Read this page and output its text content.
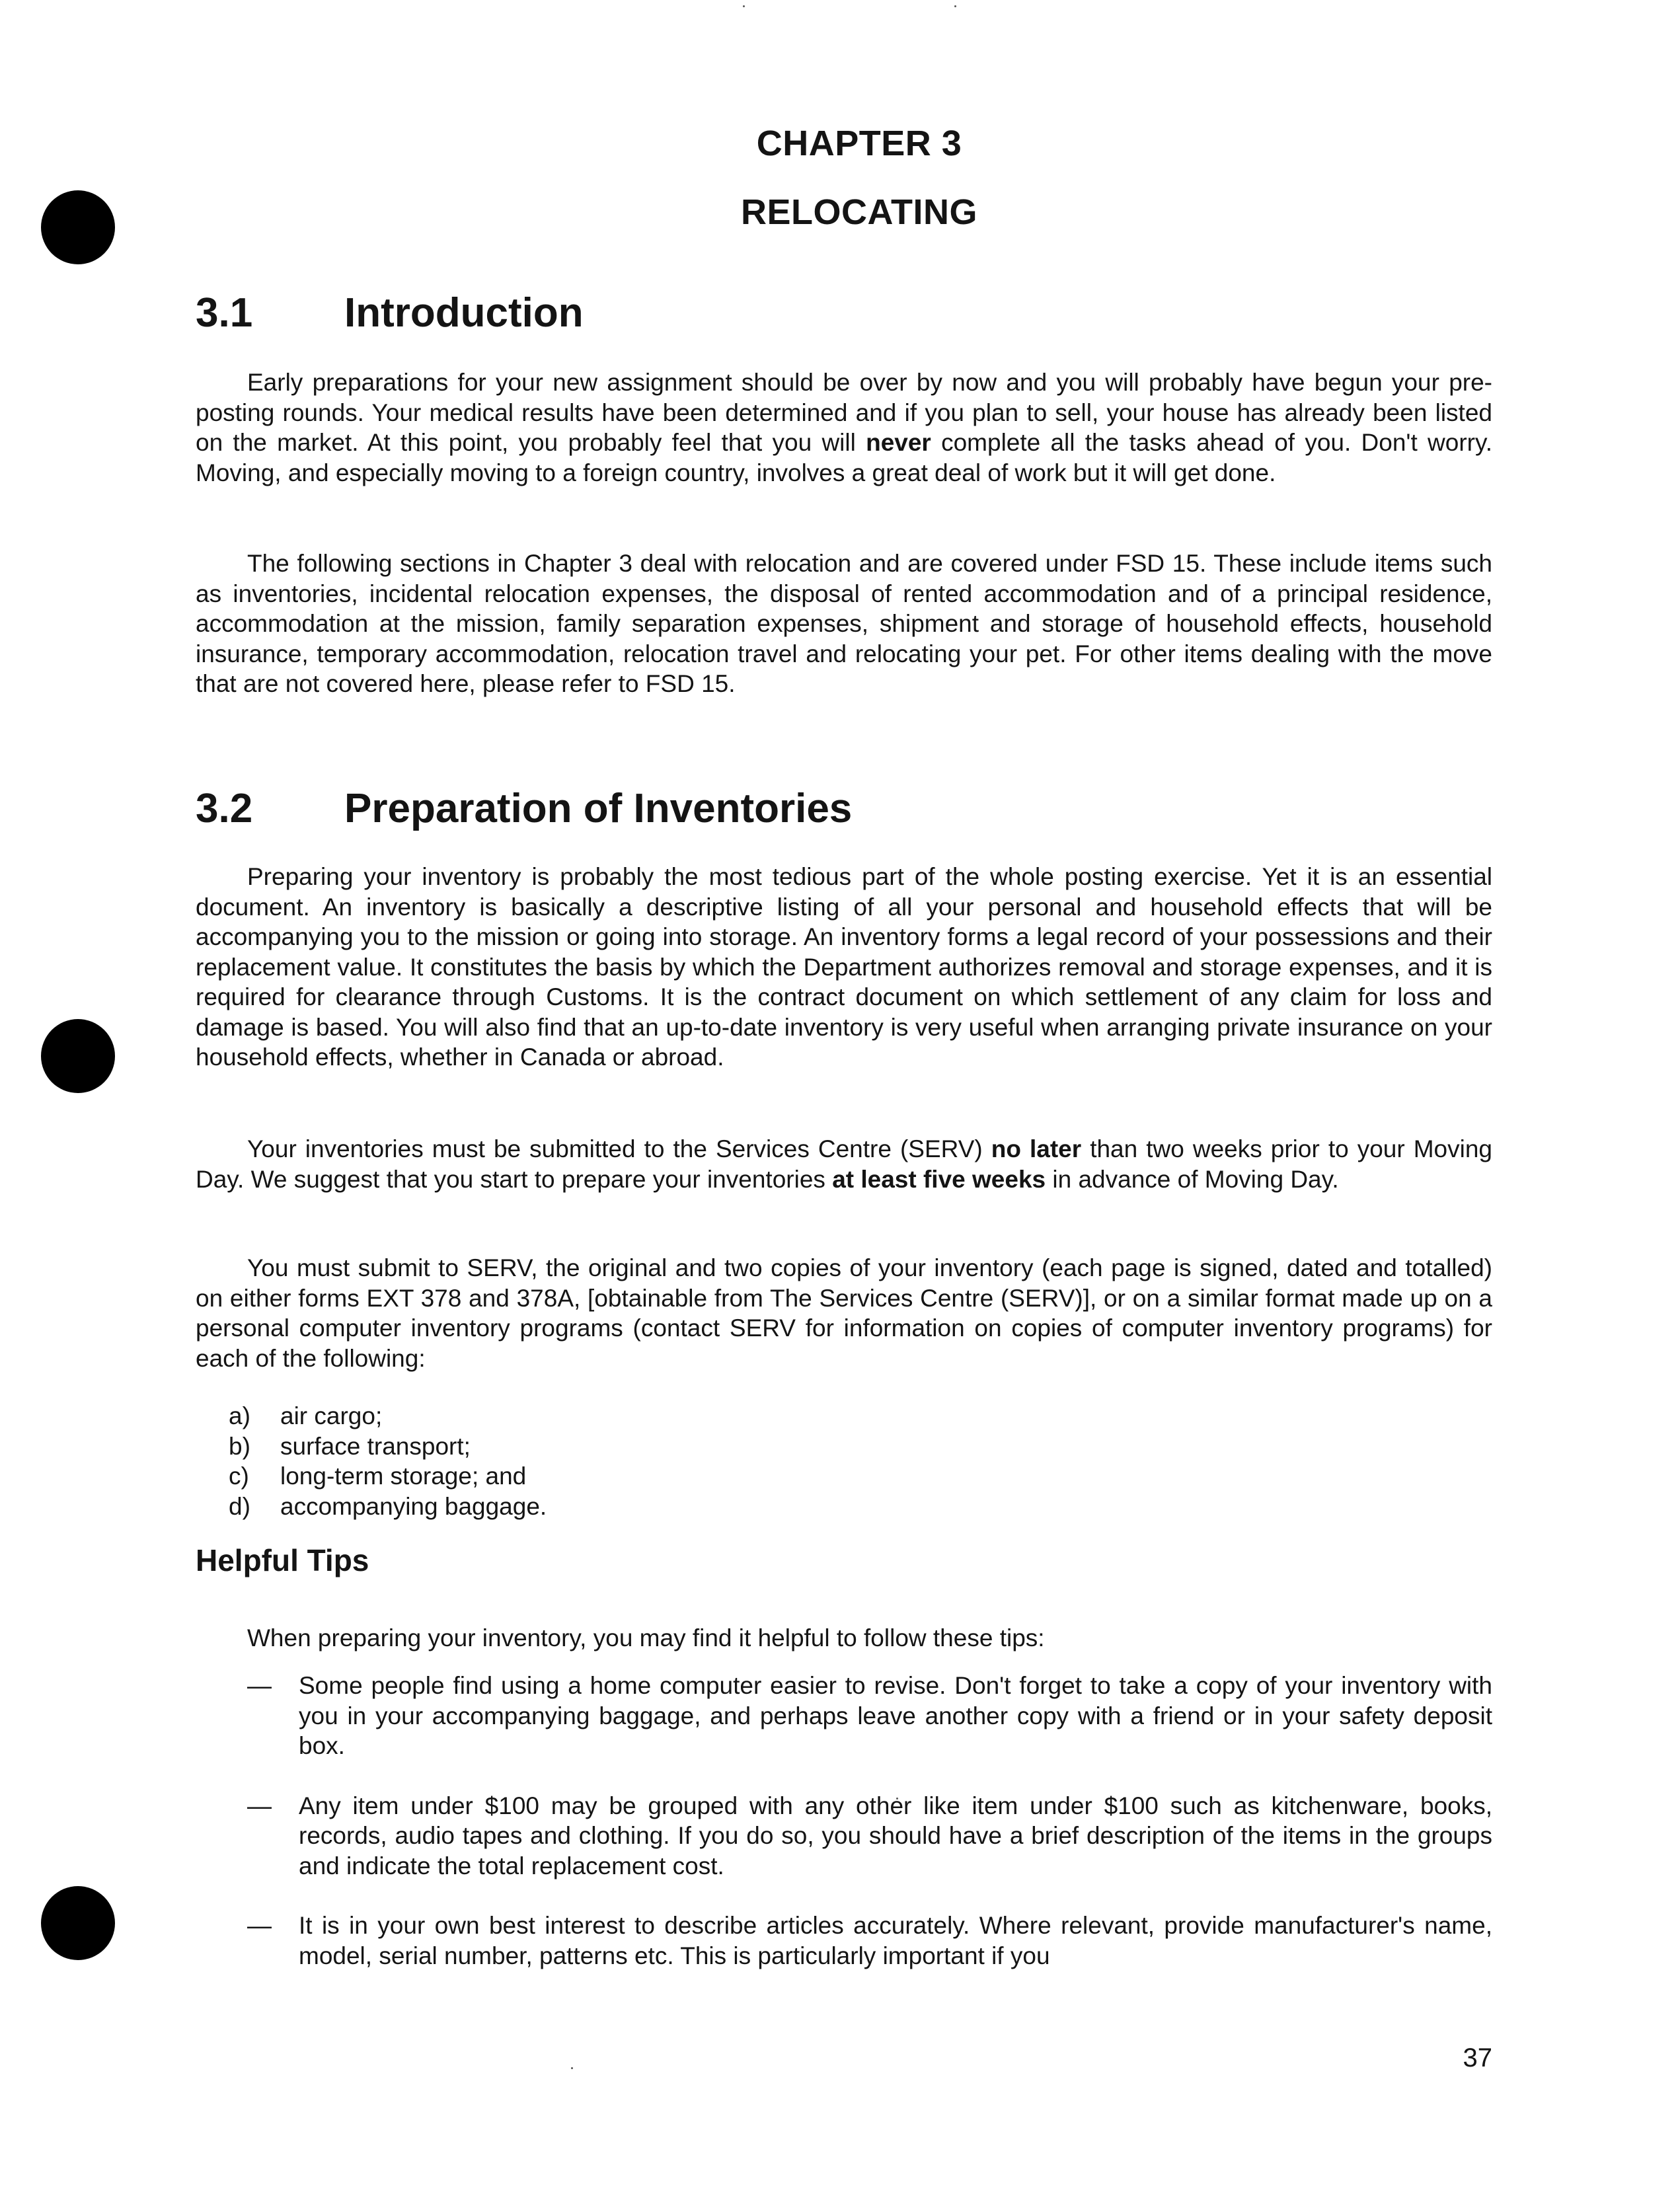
CHAPTER 3
RELOCATING
3.1 Introduction

Early preparations for your new assignment should be over by now and you will probably have begun your pre-posting rounds. Your medical results have been determined and if you plan to sell, your house has already been listed on the market. At this point, you probably feel that you will never complete all the tasks ahead of you. Don't worry. Moving, and especially moving to a foreign country, involves a great deal of work but it will get done.

The following sections in Chapter 3 deal with relocation and are covered under FSD 15. These include items such as inventories, incidental relocation expenses, the disposal of rented accommodation and of a principal residence, accommodation at the mission, family separation expenses, shipment and storage of household effects, household insurance, temporary accommodation, relocation travel and relocating your pet. For other items dealing with the move that are not covered here, please refer to FSD 15.

3.2 Preparation of Inventories

Preparing your inventory is probably the most tedious part of the whole posting exercise. Yet it is an essential document. An inventory is basically a descriptive listing of all your personal and household effects that will be accompanying you to the mission or going into storage. An inventory forms a legal record of your possessions and their replacement value. It constitutes the basis by which the Department authorizes removal and storage expenses, and it is required for clearance through Customs. It is the contract document on which settlement of any claim for loss and damage is based. You will also find that an up-to-date inventory is very useful when arranging private insurance on your household effects, whether in Canada or abroad.

Your inventories must be submitted to the Services Centre (SERV) no later than two weeks prior to your Moving Day. We suggest that you start to prepare your inventories at least five weeks in advance of Moving Day.

You must submit to SERV, the original and two copies of your inventory (each page is signed, dated and totalled) on either forms EXT 378 and 378A, [obtainable from The Services Centre (SERV)], or on a similar format made up on a personal computer inventory programs (contact SERV for information on copies of computer inventory programs) for each of the following:

a)	air cargo;
b)	surface transport;
c)	long-term storage; and
d)	accompanying baggage.
Helpful Tips

When preparing your inventory, you may find it helpful to follow these tips:

—	Some people find using a home computer easier to revise. Don't forget to take a copy of your inventory with you in your accompanying baggage, and perhaps leave another copy with a friend or in your safety deposit box.
—	Any item under $100 may be grouped with any other like item under $100 such as kitchenware, books, records, audio tapes and clothing. If you do so, you should have a brief description of the items in the groups and indicate the total replacement cost.
—	It is in your own best interest to describe articles accurately. Where relevant, provide manufacturer's name, model, serial number, patterns etc. This is particularly important if you
37
